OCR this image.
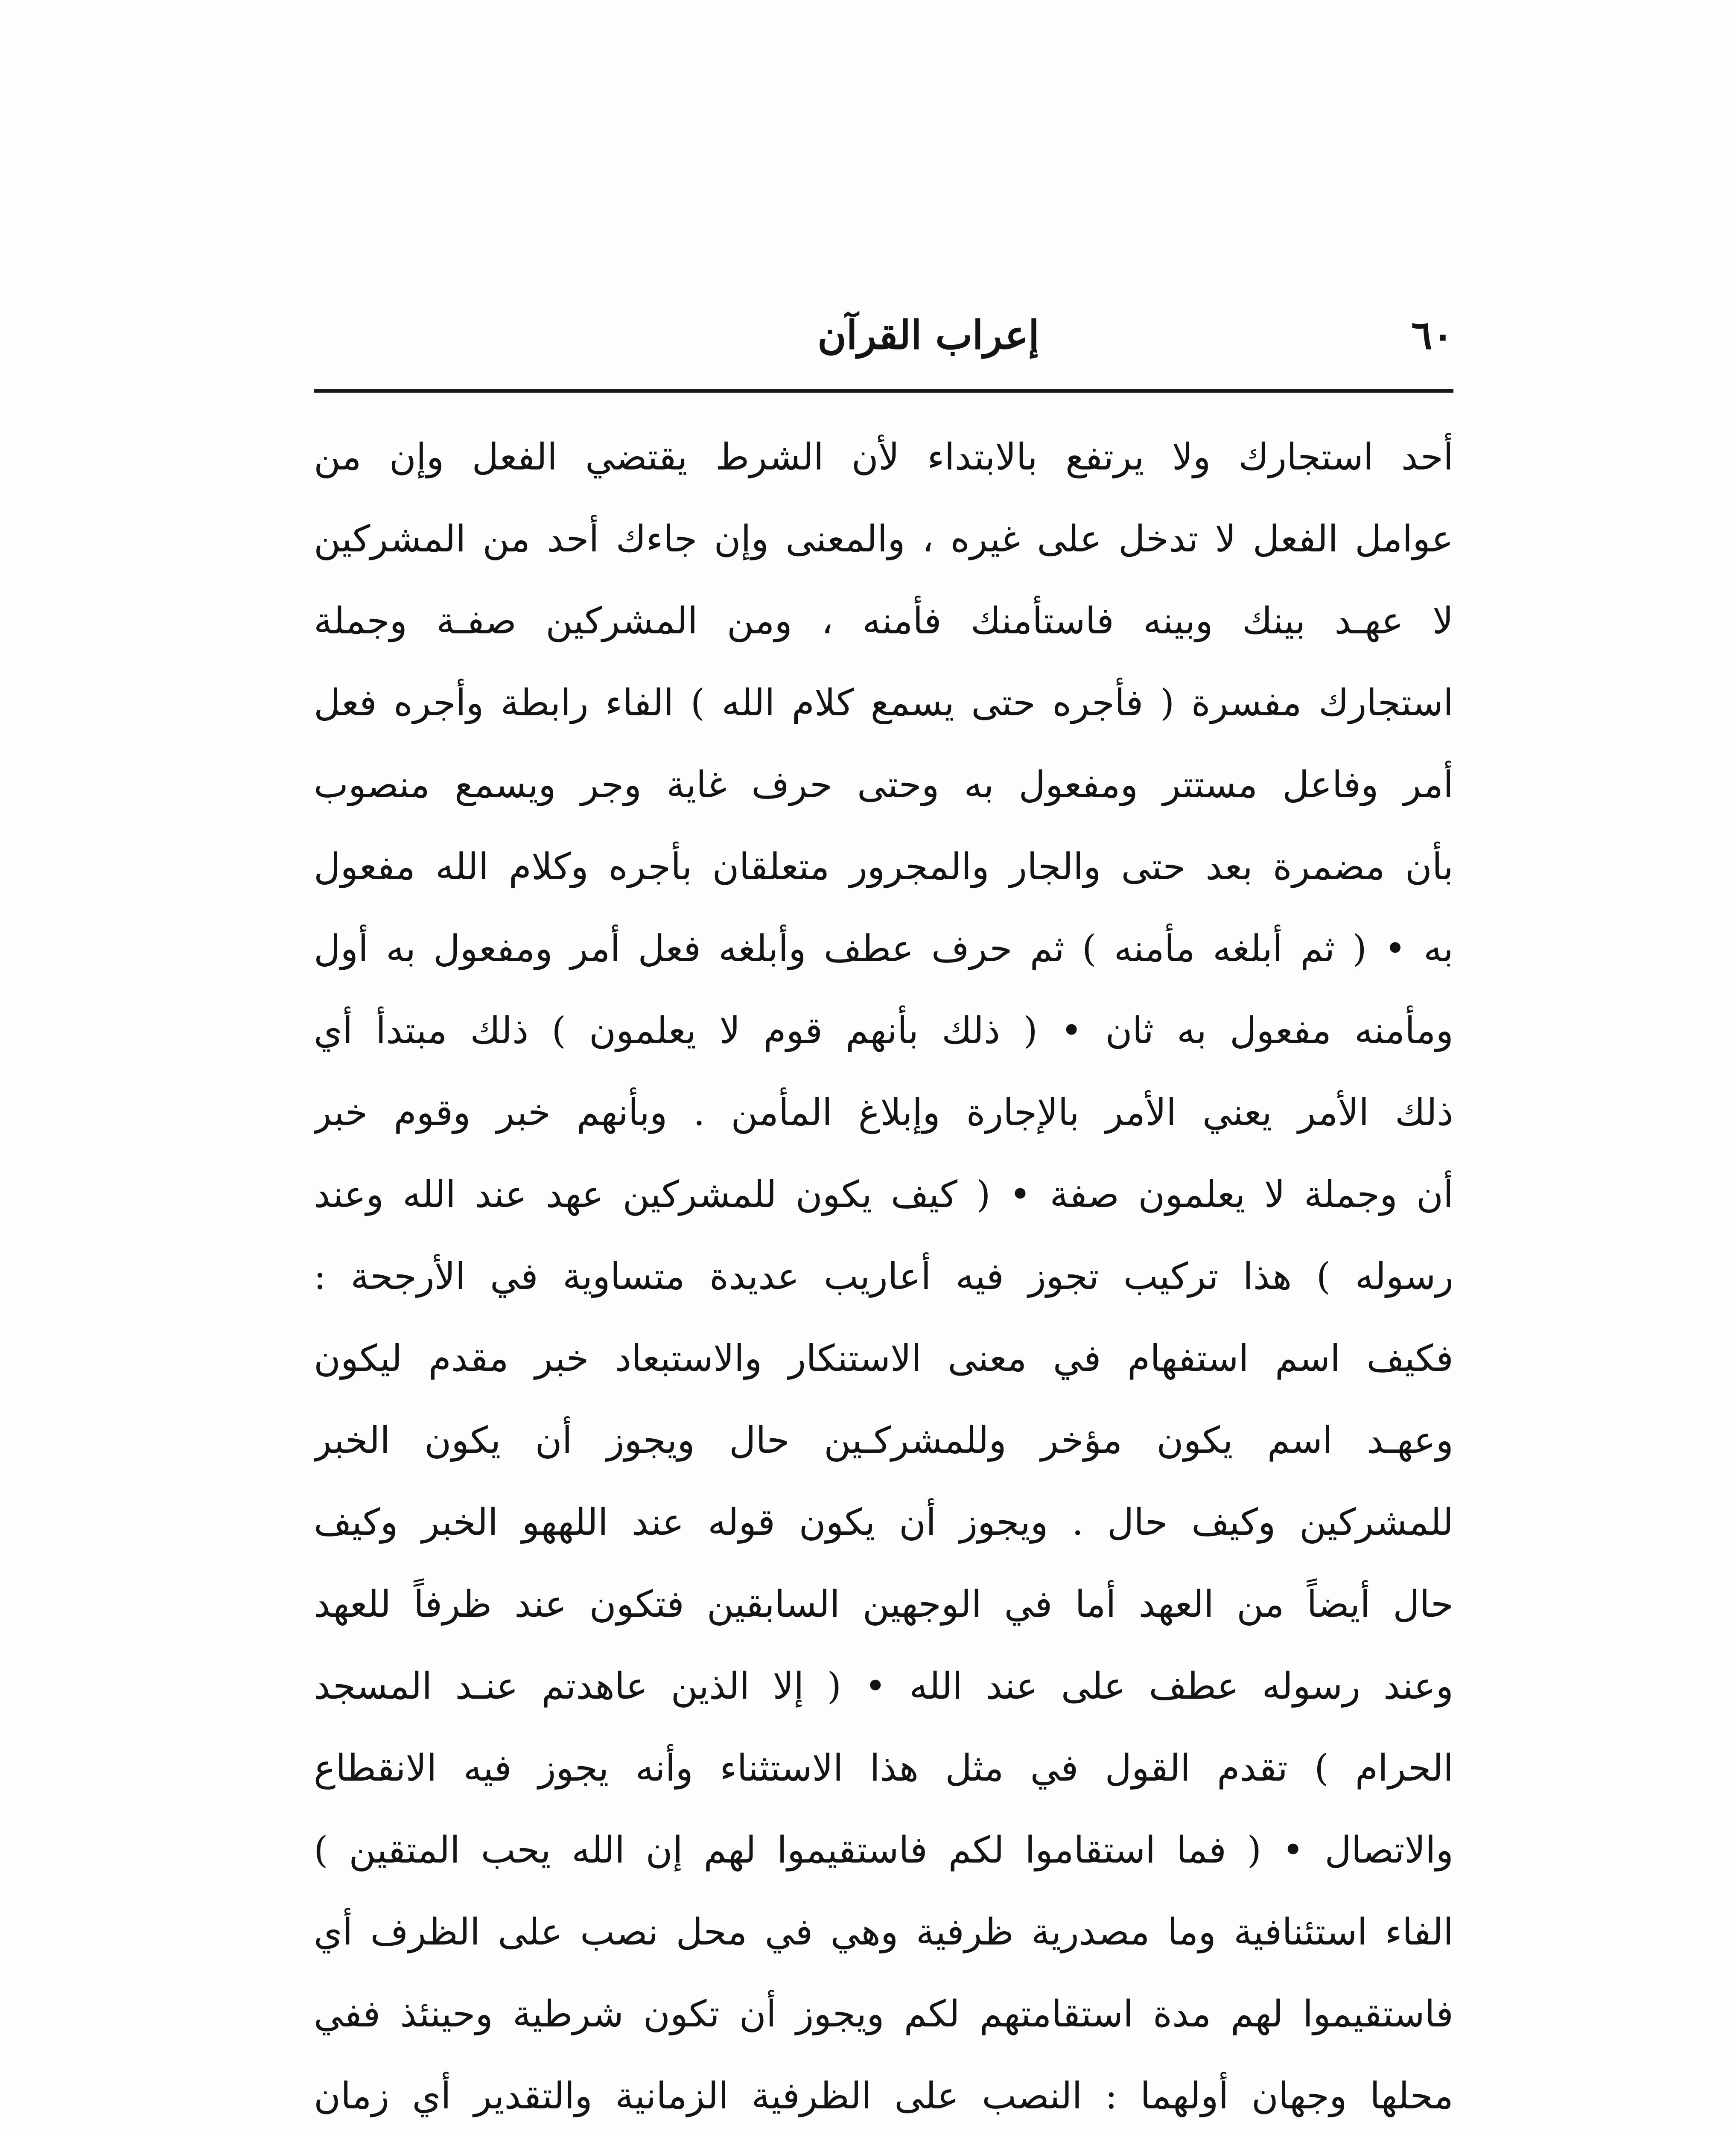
٦٠
إعراب القرآن
أحد استجارك ولا يرتفع بالابتداء لأن الشرط يقتضي الفعل وإن من
عوامل الفعل لا تدخل على غيره ، والمعنى وإن جاءك أحد من المشركين
لا عهـد بينك وبينه فاستأمنك فأمنه ، ومن المشركين صفـة وجملة
استجارك مفسرة ( فأجره حتى يسمع كلام الله ) الفاء رابطة وأجره فعل
أمر وفاعل مستتر ومفعول به وحتى حرف غاية وجر ويسمع منصوب
بأن مضمرة بعد حتى والجار والمجرور متعلقان بأجره وكلام الله مفعول
به • ( ثم أبلغه مأمنه ) ثم حرف عطف وأبلغه فعل أمر ومفعول به أول
ومأمنه مفعول به ثان • ( ذلك بأنهم قوم لا يعلمون ) ذلك مبتدأ أي
ذلك الأمر يعني الأمر بالإجارة وإبلاغ المأمن . وبأنهم خبر وقوم خبر
أن وجملة لا يعلمون صفة • ( كيف يكون للمشركين عهد عند الله وعند
رسوله ) هذا تركيب تجوز فيه أعاريب عديدة متساوية في الأرجحة :
فكيف اسم استفهام في معنى الاستنكار والاستبعاد خبر مقدم ليكون
وعهـد اسم يكون مؤخر وللمشركـين حال ويجوز أن يكون الخبر
للمشركين وكيف حال . ويجوز أن يكون قوله عند اللههو الخبر وكيف
حال أيضاً من العهد أما في الوجهين السابقين فتكون عند ظرفاً للعهد
وعند رسوله عطف على عند الله • ( إلا الذين عاهدتم عنـد المسجد
الحرام ) تقدم القول في مثل هذا الاستثناء وأنه يجوز فيه الانقطاع
والاتصال • ( فما استقاموا لكم فاستقيموا لهم إن الله يحب المتقين )
الفاء استئنافية وما مصدرية ظرفية وهي في محل نصب على الظرف أي
فاستقيموا لهم مدة استقامتهم لكم ويجوز أن تكون شرطية وحينئذ ففي
محلها وجهان أولهما : النصب على الظرفية الزمانية والتقدير أي زمان
